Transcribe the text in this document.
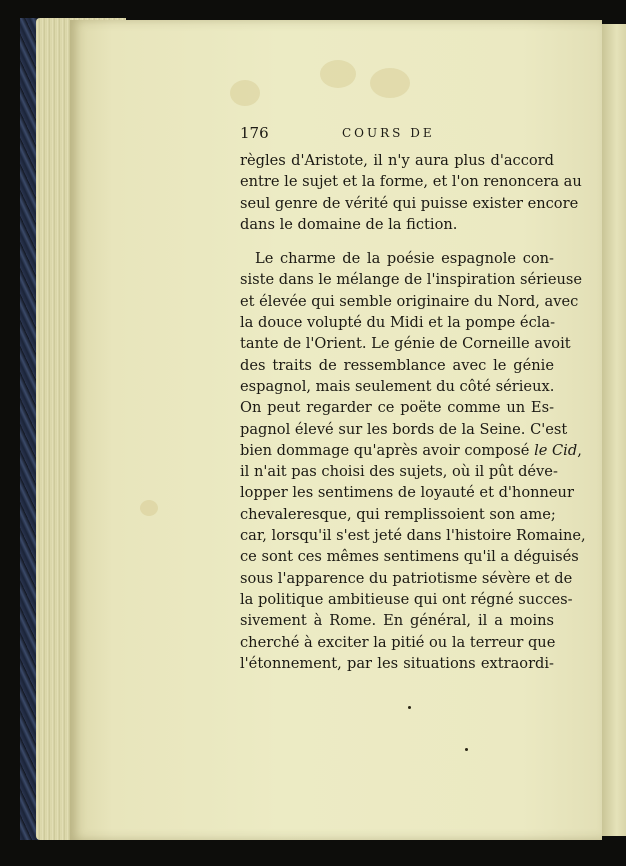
176	COURS DE
règles d'Aristote, il n'y aura plus d'accord
entre le sujet et la forme, et l'on renoncera au
seul genre de vérité qui puisse exister encore
dans le domaine de la fiction.
Le charme de la poésie espagnole con-
siste dans le mélange de l'inspiration sérieuse
et élevée qui semble originaire du Nord, avec
la douce volupté du Midi et la pompe écla-
tante de l'Orient. Le génie de Corneille avoit
des traits de ressemblance avec le génie
espagnol, mais seulement du côté sérieux.
On peut regarder ce poëte comme un Es-
pagnol élevé sur les bords de la Seine. C'est
bien dommage qu'après avoir composé le Cid,
il n'ait pas choisi des sujets, où il pût déve-
lopper les sentimens de loyauté et d'honneur
chevaleresque, qui remplissoient son ame;
car, lorsqu'il s'est jeté dans l'histoire Romaine,
ce sont ces mêmes sentimens qu'il a déguisés
sous l'apparence du patriotisme sévère et de
la politique ambitieuse qui ont régné succes-
sivement à Rome. En général, il a moins
cherché à exciter la pitié ou la terreur que
l'étonnement, par les situations extraordi-
